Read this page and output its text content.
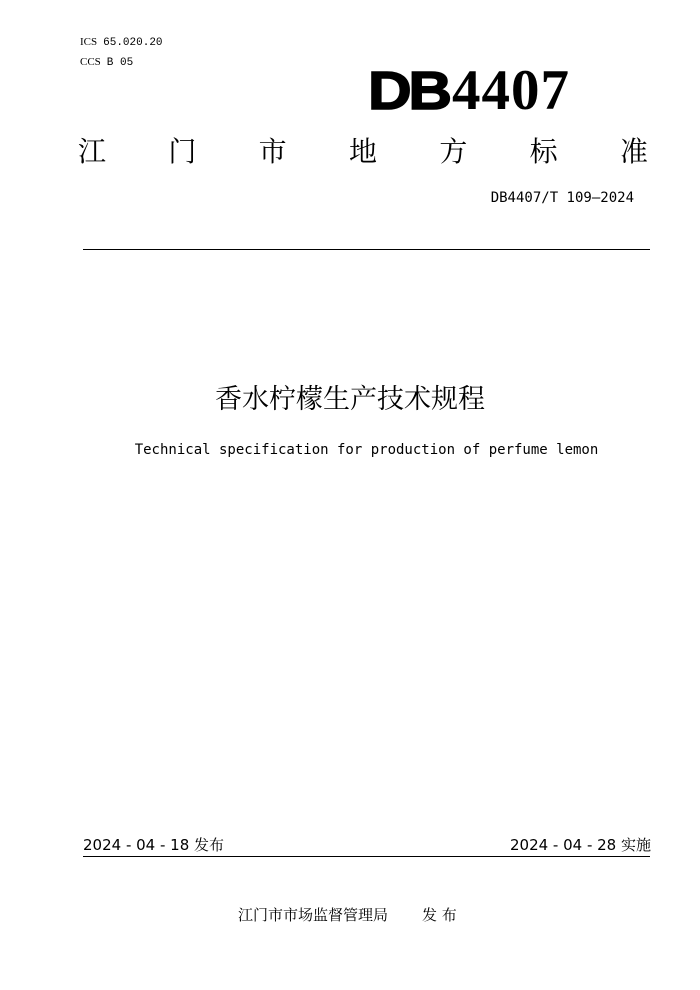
ICS 65.020.20
CCS B 05	DB 4407
江 门 市 地 方 标 准
DB4407/T 109—2024
香水柠檬生产技术规程
Technical specification for production of perfume lemon
2024 - 04 - 18 发布	2024 - 04 - 28 实施
江门市市场监督管理局 发 布
